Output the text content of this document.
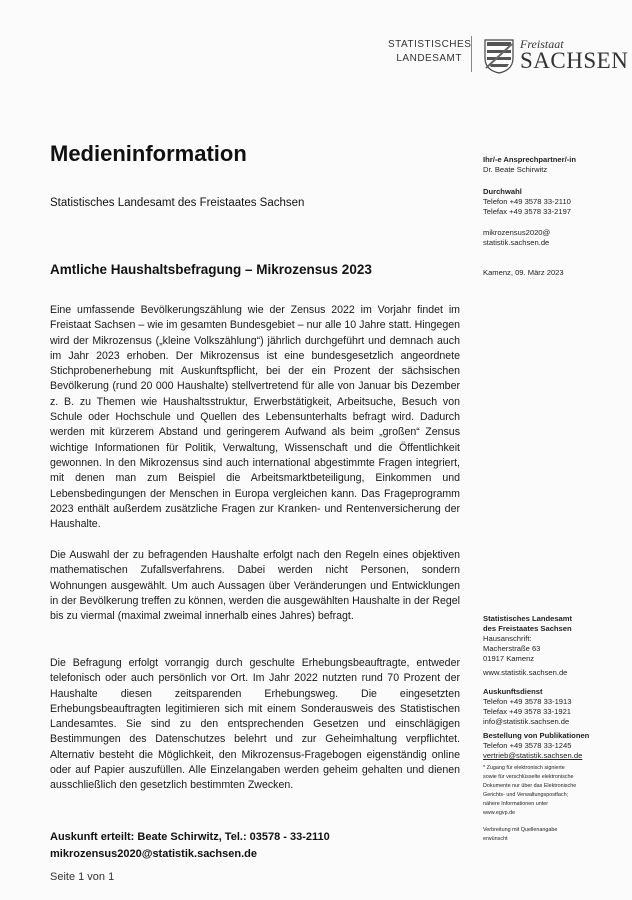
STATISTISCHES
LANDESAMT
Freistaat
SACHSEN
Medieninformation
Statistisches Landesamt des Freistaates Sachsen
Amtliche Haushaltsbefragung – Mikrozensus 2023

Eine umfassende Bevölkerungszählung wie der Zensus 2022 im Vorjahr findet im Freistaat Sachsen – wie im gesamten Bundesgebiet – nur alle 10 Jahre statt. Hingegen wird der Mikrozensus („kleine Volkszählung“) jährlich durchgeführt und demnach auch im Jahr 2023 erhoben. Der Mikrozensus ist eine bundesgesetzlich angeordnete Stichprobenerhebung mit Auskunftspflicht, bei der ein Prozent der sächsischen Bevölkerung (rund 20 000 Haushalte) stellvertretend für alle von Januar bis Dezember z. B. zu Themen wie Haushaltsstruktur, Erwerbstätigkeit, Arbeitsuche, Besuch von Schule oder Hochschule und Quellen des Lebensunterhalts befragt wird. Dadurch werden mit kürzerem Abstand und geringerem Aufwand als beim „großen“ Zensus wichtige Informationen für Politik, Verwaltung, Wissenschaft und die Öffentlichkeit gewonnen. In den Mikrozensus sind auch international abgestimmte Fragen integriert, mit denen man zum Beispiel die Arbeitsmarktbeteiligung, Einkommen und Lebensbedingungen der Menschen in Europa vergleichen kann. Das Frageprogramm 2023 enthält außerdem zusätzliche Fragen zur Kranken- und Rentenversicherung der Haushalte.

Die Auswahl der zu befragenden Haushalte erfolgt nach den Regeln eines objektiven mathematischen Zufallsverfahrens. Dabei werden nicht Personen, sondern Wohnungen ausgewählt. Um auch Aussagen über Veränderungen und Entwicklungen in der Bevölkerung treffen zu können, werden die ausgewählten Haushalte in der Regel bis zu viermal (maximal zweimal innerhalb eines Jahres) befragt.

Die Befragung erfolgt vorrangig durch geschulte Erhebungsbeauftragte, entweder telefonisch oder auch persönlich vor Ort. Im Jahr 2022 nutzten rund 70 Prozent der Haushalte diesen zeitsparenden Erhebungsweg. Die eingesetzten Erhebungsbeauftragten legitimieren sich mit einem Sonderausweis des Statistischen Landesamtes. Sie sind zu den entsprechenden Gesetzen und einschlägigen Bestimmungen des Datenschutzes belehrt und zur Geheimhaltung verpflichtet. Alternativ besteht die Möglichkeit, den Mikrozensus-Fragebogen eigenständig online oder auf Papier auszufüllen. Alle Einzelangaben werden geheim gehalten und dienen ausschließlich den gesetzlich bestimmten Zwecken.

Auskunft erteilt: Beate Schirwitz, Tel.: 03578 - 33-2110
mikrozensus2020@statistik.sachsen.de
Seite 1 von 1
Ihr/-e Ansprechpartner/-in
Dr. Beate Schirwitz
Durchwahl
Telefon +49 3578 33-2110
Telefax +49 3578 33-2197
mikrozensus2020@
statistik.sachsen.de
Kamenz, 09. März 2023
Statistisches Landesamt
des Freistaates Sachsen
Hausanschrift:
Macherstraße 63
01917 Kamenz
www.statistik.sachsen.de
Auskunftsdienst
Telefon +49 3578 33-1913
Telefax +49 3578 33-1921
info@statistik.sachsen.de
Bestellung von Publikationen
Telefon +49 3578 33-1245
vertrieb@statistik.sachsen.de
* Zugang für elektronisch signierte
sowie für verschlüsselte elektronische
Dokumente nur über das Elektronische
Gerichts- und Verwaltungspostfach;
nähere Informationen unter
www.egvp.de
Verbreitung mit Quellenangabe
erwünscht
